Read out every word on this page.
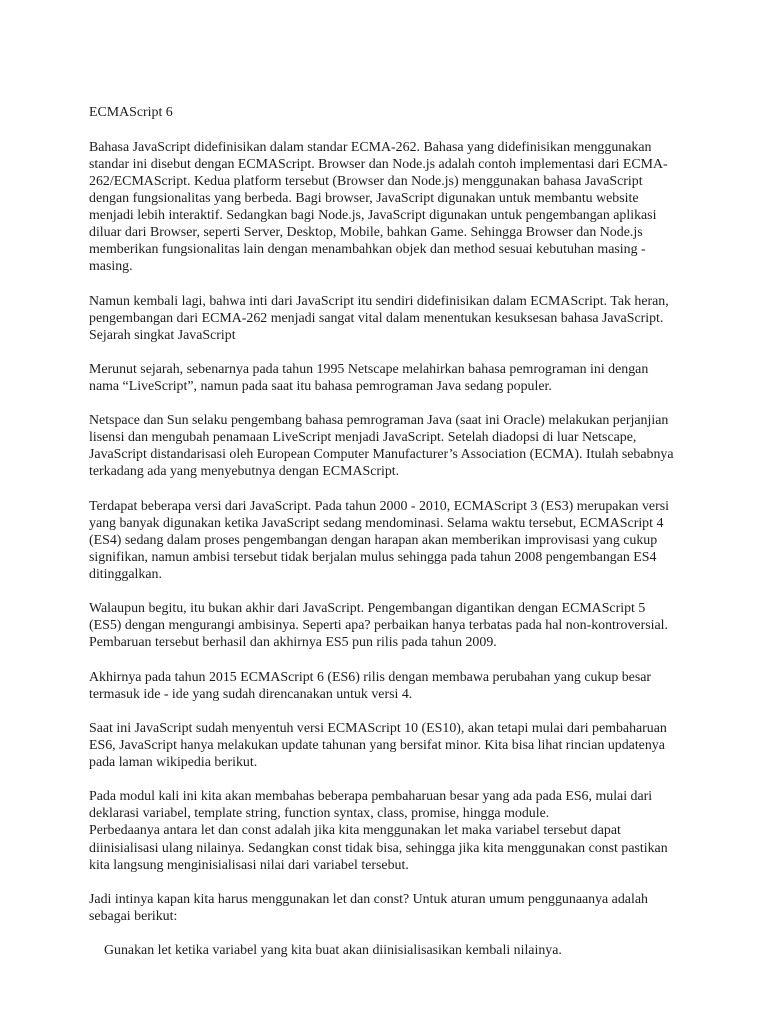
ECMAScript 6

Bahasa JavaScript didefinisikan dalam standar ECMA-262. Bahasa yang didefinisikan menggunakan standar ini disebut dengan ECMAScript. Browser dan Node.js adalah contoh implementasi dari ECMA-262/ECMAScript. Kedua platform tersebut (Browser dan Node.js) menggunakan bahasa JavaScript dengan fungsionalitas yang berbeda. Bagi browser, JavaScript digunakan untuk membantu website menjadi lebih interaktif. Sedangkan bagi Node.js, JavaScript digunakan untuk pengembangan aplikasi diluar dari Browser, seperti Server, Desktop, Mobile, bahkan Game. Sehingga Browser dan Node.js memberikan fungsionalitas lain dengan menambahkan objek dan method sesuai kebutuhan masing - masing.

Namun kembali lagi, bahwa inti dari JavaScript itu sendiri didefinisikan dalam ECMAScript. Tak heran, pengembangan dari ECMA-262 menjadi sangat vital dalam menentukan kesuksesan bahasa JavaScript.
Sejarah singkat JavaScript

Merunut sejarah, sebenarnya pada tahun 1995 Netscape melahirkan bahasa pemrograman ini dengan nama “LiveScript”, namun pada saat itu bahasa pemrograman Java sedang populer.

Netspace dan Sun selaku pengembang bahasa pemrograman Java (saat ini Oracle) melakukan perjanjian lisensi dan mengubah penamaan LiveScript menjadi JavaScript. Setelah diadopsi di luar Netscape, JavaScript distandarisasi oleh European Computer Manufacturer’s Association (ECMA). Itulah sebabnya terkadang ada yang menyebutnya dengan ECMAScript.

Terdapat beberapa versi dari JavaScript. Pada tahun 2000 - 2010, ECMAScript 3 (ES3) merupakan versi yang banyak digunakan ketika JavaScript sedang mendominasi. Selama waktu tersebut, ECMAScript 4 (ES4) sedang dalam proses pengembangan dengan harapan akan memberikan improvisasi yang cukup signifikan, namun ambisi tersebut tidak berjalan mulus sehingga pada tahun 2008 pengembangan ES4 ditinggalkan.

Walaupun begitu, itu bukan akhir dari JavaScript. Pengembangan digantikan dengan ECMAScript 5 (ES5) dengan mengurangi ambisinya. Seperti apa? perbaikan hanya terbatas pada hal non-kontroversial. Pembaruan tersebut berhasil dan akhirnya ES5 pun rilis pada tahun 2009.

Akhirnya pada tahun 2015 ECMAScript 6 (ES6) rilis dengan membawa perubahan yang cukup besar termasuk ide - ide yang sudah direncanakan untuk versi 4.

Saat ini JavaScript sudah menyentuh versi ECMAScript 10 (ES10), akan tetapi mulai dari pembaharuan ES6, JavaScript hanya melakukan update tahunan yang bersifat minor. Kita bisa lihat rincian updatenya pada laman wikipedia berikut.

Pada modul kali ini kita akan membahas beberapa pembaharuan besar yang ada pada ES6, mulai dari deklarasi variabel, template string, function syntax, class, promise, hingga module.
Perbedaanya antara let dan const adalah jika kita menggunakan let maka variabel tersebut dapat diinisialisasi ulang nilainya. Sedangkan const tidak bisa, sehingga jika kita menggunakan const pastikan kita langsung menginisialisasi nilai dari variabel tersebut.

Jadi intinya kapan kita harus menggunakan let dan const? Untuk aturan umum penggunaanya adalah sebagai berikut:

Gunakan let ketika variabel yang kita buat akan diinisialisasikan kembali nilainya.
